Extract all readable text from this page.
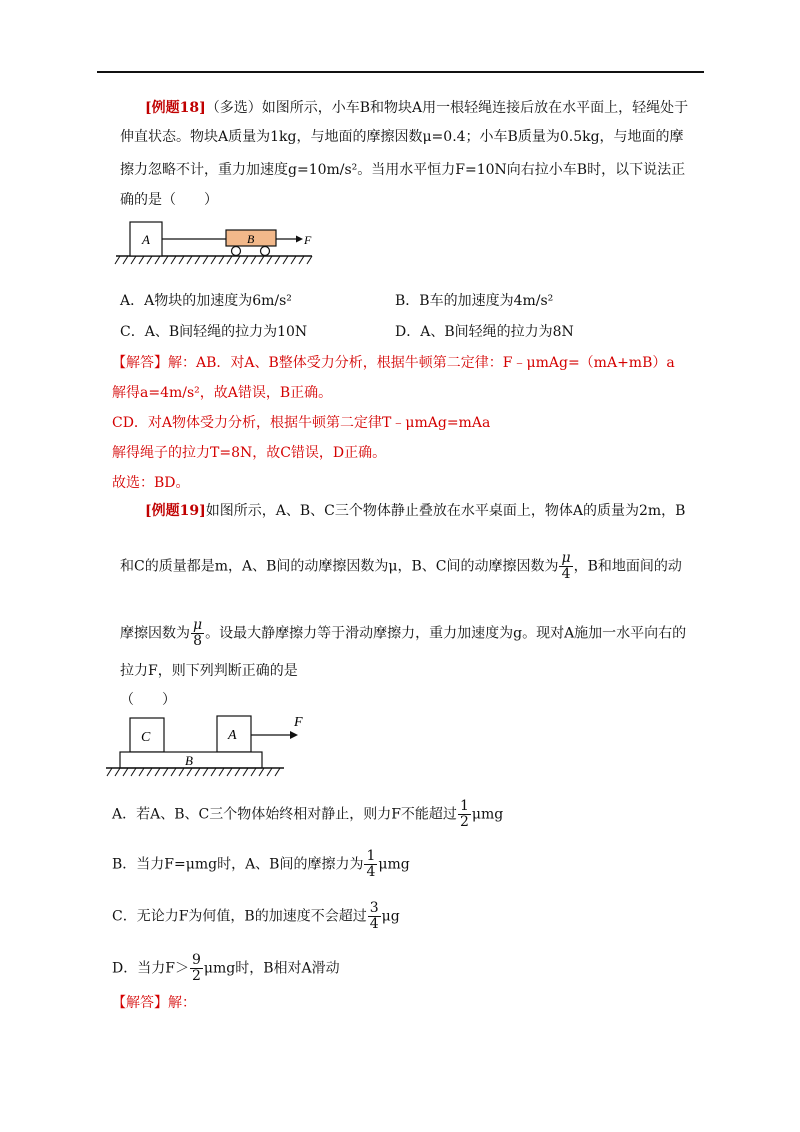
[例题18]（多选）如图所示，小车B和物块A用一根轻绳连接后放在水平面上，轻绳处于
伸直状态。物块A质量为1kg，与地面的摩擦因数μ=0.4；小车B质量为0.5kg，与地面的摩
擦力忽略不计，重力加速度g=10m/s²。当用水平恒力F=10N向右拉小车B时，以下说法正
确的是（　　）
A	B	F
A．A物块的加速度为6m/s²	B．B车的加速度为4m/s²
C．A、B间轻绳的拉力为10N	D．A、B间轻绳的拉力为8N
【解答】解：AB．对A、B整体受力分析，根据牛顿第二定律：F﹣μmAg=（mA+mB）a
解得a=4m/s²，故A错误，B正确。
CD．对A物体受力分析，根据牛顿第二定律T﹣μmAg=mAa
解得绳子的拉力T=8N，故C错误，D正确。
故选：BD。
[例题19]如图所示，A、B、C三个物体静止叠放在水平桌面上，物体A的质量为2m，B
和C的质量都是m，A、B间的动摩擦因数为μ，B、C间的动摩擦因数为 $\frac{\mu}{4}$ ，B和地面间的动
摩擦因数为 $\frac{\mu}{8}$ 。设最大静摩擦力等于滑动摩擦力，重力加速度为g。现对A施加一水平向右的
拉力F，则下列判断正确的是
（　　）
C	A
F
B
A．若A、B、C三个物体始终相对静止，则力F不能超过 $\frac{1}{2}$ μmg
B．当力F=μmg时，A、B间的摩擦力为 $\frac{1}{4}$ μmg
C．无论力F为何值，B的加速度不会超过 $\frac{3}{4}$ μg
D．当力$F> \frac{9}{2}$ μmg时，B相对A滑动
【解答】解：
